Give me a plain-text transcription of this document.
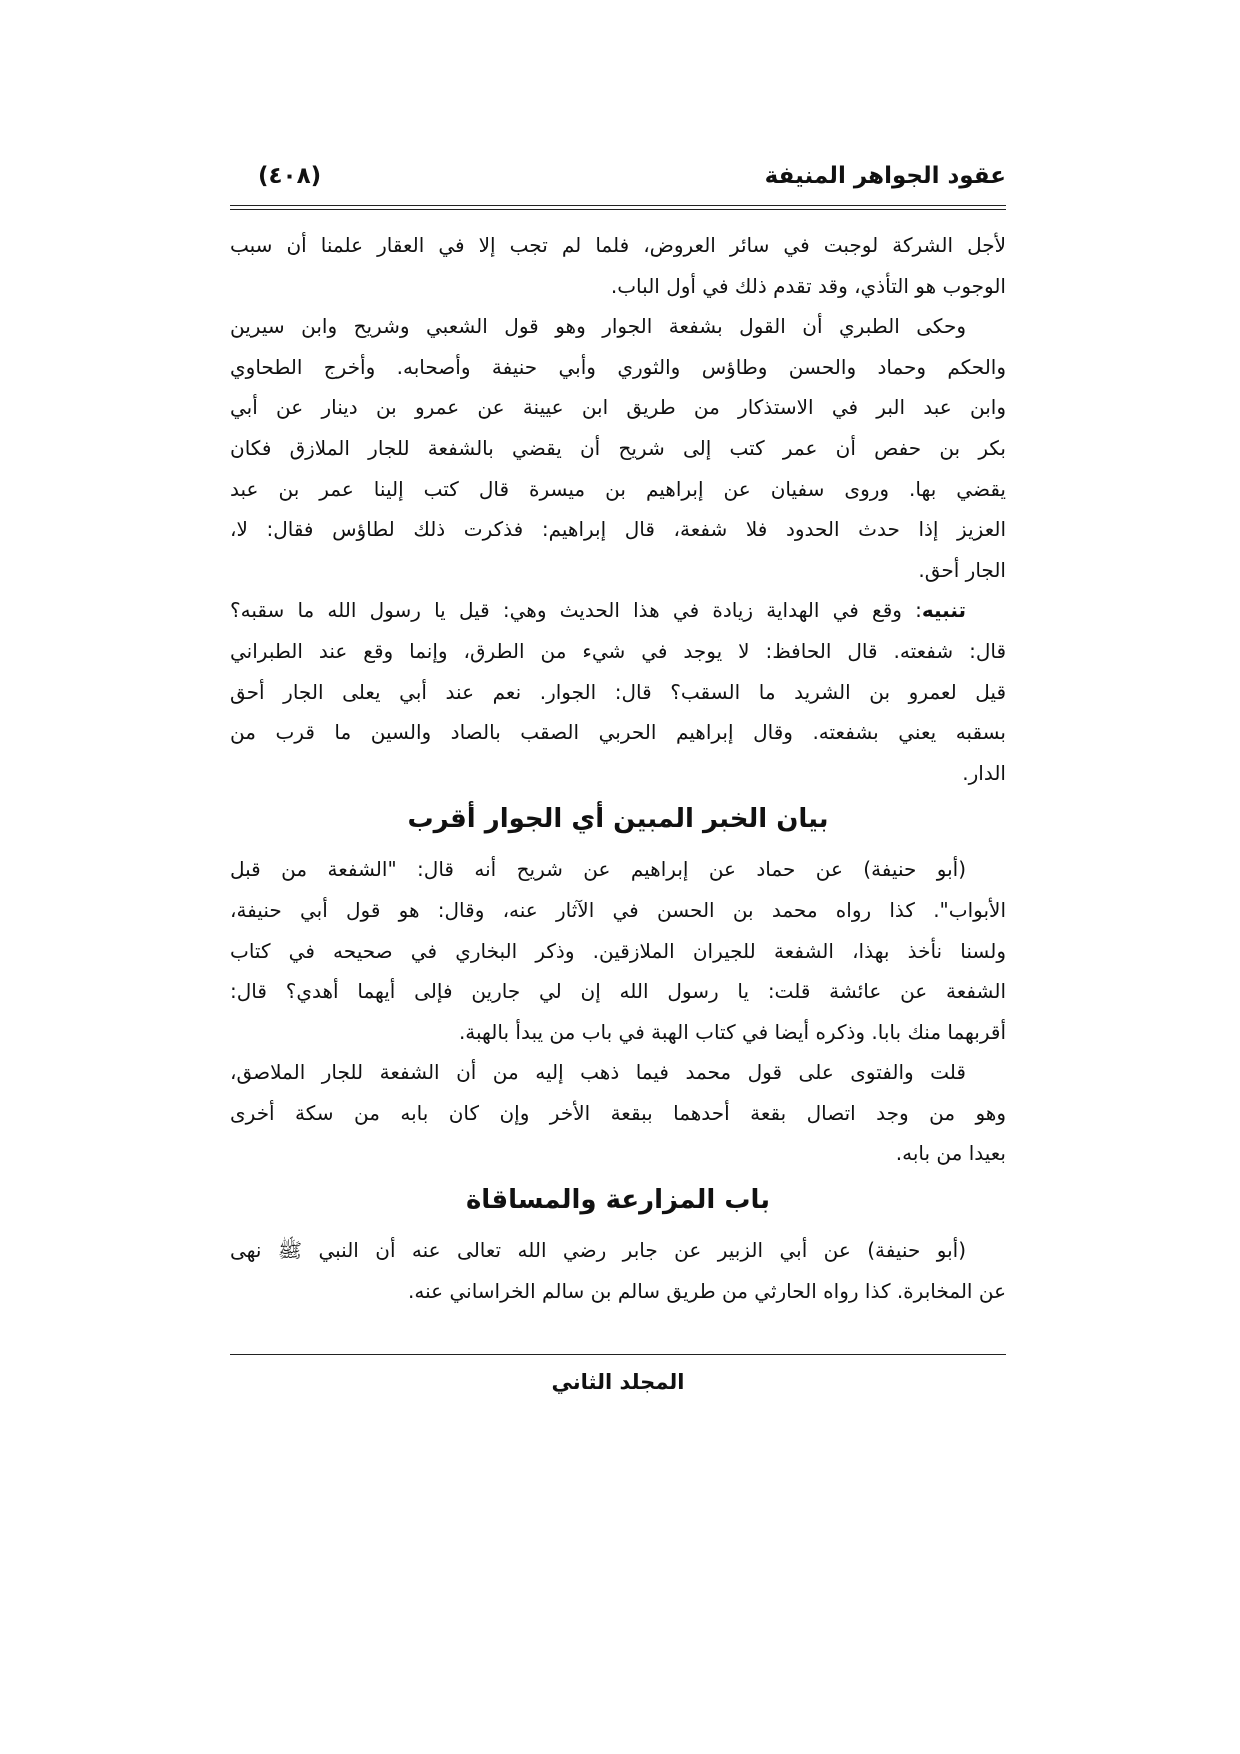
عقود الجواهر المنيفة
(٤٠٨)
لأجل الشركة لوجبت في سائر العروض، فلما لم تجب إلا في العقار علمنا أن سبب
الوجوب هو التأذي، وقد تقدم ذلك في أول الباب.
وحكى الطبري أن القول بشفعة الجوار وهو قول الشعبي وشريح وابن سيرين
والحكم وحماد والحسن وطاؤس والثوري وأبي حنيفة وأصحابه. وأخرج الطحاوي
وابن عبد البر في الاستذكار من طريق ابن عيينة عن عمرو بن دينار عن أبي
بكر بن حفص أن عمر كتب إلى شريح أن يقضي بالشفعة للجار الملازق فكان
يقضي بها. وروى سفيان عن إبراهيم بن ميسرة قال كتب إلينا عمر بن عبد
العزيز إذا حدث الحدود فلا شفعة، قال إبراهيم: فذكرت ذلك لطاؤس فقال: لا،
الجار أحق.
تنبيه: وقع في الهداية زيادة في هذا الحديث وهي: قيل يا رسول الله ما سقبه؟
قال: شفعته. قال الحافظ: لا يوجد في شيء من الطرق، وإنما وقع عند الطبراني
قيل لعمرو بن الشريد ما السقب؟ قال: الجوار. نعم عند أبي يعلى الجار أحق
بسقبه يعني بشفعته. وقال إبراهيم الحربي الصقب بالصاد والسين ما قرب من
الدار.
بيان الخبر المبين أي الجوار أقرب
(أبو حنيفة) عن حماد عن إبراهيم عن شريح أنه قال: "الشفعة من قبل
الأبواب". كذا رواه محمد بن الحسن في الآثار عنه، وقال: هو قول أبي حنيفة،
ولسنا نأخذ بهذا، الشفعة للجيران الملازقين. وذكر البخاري في صحيحه في كتاب
الشفعة عن عائشة قلت: يا رسول الله إن لي جارين فإلى أيهما أهدي؟ قال:
أقربهما منك بابا. وذكره أيضا في كتاب الهبة في باب من يبدأ بالهبة.
قلت والفتوى على قول محمد فيما ذهب إليه من أن الشفعة للجار الملاصق،
وهو من وجد اتصال بقعة أحدهما ببقعة الأخر وإن كان بابه من سكة أخرى
بعيدا من بابه.
باب المزارعة والمساقاة
(أبو حنيفة) عن أبي الزبير عن جابر رضي الله تعالى عنه أن النبي ﷺ نهى
عن المخابرة. كذا رواه الحارثي من طريق سالم بن سالم الخراساني عنه.
المجلد الثاني
